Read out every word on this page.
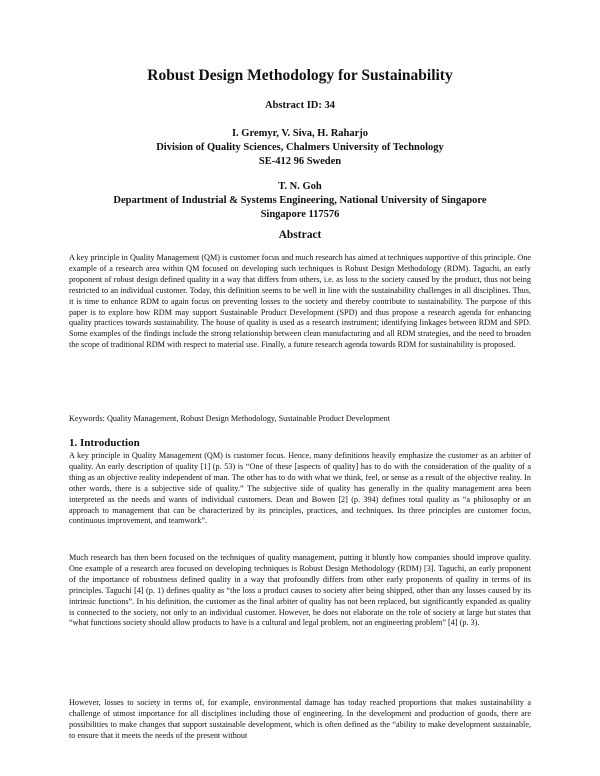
Robust Design Methodology for Sustainability
Abstract ID: 34
I. Gremyr, V. Siva, H. Raharjo
Division of Quality Sciences, Chalmers University of Technology
SE-412 96 Sweden
T. N. Goh
Department of Industrial & Systems Engineering, National University of Singapore
Singapore 117576
Abstract

A key principle in Quality Management (QM) is customer focus and much research has aimed at techniques supportive of this principle. One example of a research area within QM focused on developing such techniques is Robust Design Methodology (RDM). Taguchi, an early proponent of robust design defined quality in a way that differs from others, i.e. as loss to the society caused by the product, thus not being restricted to an individual customer. Today, this definition seems to be well in line with the sustainability challenges in all disciplines. Thus, it is time to enhance RDM to again focus on preventing losses to the society and thereby contribute to sustainability. The purpose of this paper is to explore how RDM may support Sustainable Product Development (SPD) and thus propose a research agenda for enhancing quality practices towards sustainability. The house of quality is used as a research instrument; identifying linkages between RDM and SPD. Some examples of the findings include the strong relationship between clean manufacturing and all RDM strategies, and the need to broaden the scope of traditional RDM with respect to material use. Finally, a future research agenda towards RDM for sustainability is proposed.

Keywords: Quality Management, Robust Design Methodology, Sustainable Product Development

1. Introduction

A key principle in Quality Management (QM) is customer focus. Hence, many definitions heavily emphasize the customer as an arbiter of quality. An early description of quality [1] (p. 53) is “One of these [aspects of quality] has to do with the consideration of the quality of a thing as an objective reality independent of man. The other has to do with what we think, feel, or sense as a result of the objective reality. In other words, there is a subjective side of quality.” The subjective side of quality has generally in the quality management area been interpreted as the needs and wants of individual customers. Dean and Bowen [2] (p. 394) defines total quality as “a philosophy or an approach to management that can be characterized by its principles, practices, and techniques. Its three principles are customer focus, continuous improvement, and teamwork”.

Much research has then been focused on the techniques of quality management, putting it bluntly how companies should improve quality. One example of a research area focused on developing techniques is Robust Design Methodology (RDM) [3]. Taguchi, an early proponent of the importance of robustness defined quality in a way that profoundly differs from other early proponents of quality in terms of its principles. Taguchi [4] (p. 1) defines quality as “the loss a product causes to society after being shipped, other than any losses caused by its intrinsic functions”. In his definition, the customer as the final arbiter of quality has not been replaced, but significantly expanded as quality is connected to the society, not only to an individual customer. However, he does not elaborate on the role of society at large but states that “what functions society should allow products to have is a cultural and legal problem, not an engineering problem” [4] (p. 3).

However, losses to society in terms of, for example, environmental damage has today reached proportions that makes sustainability a challenge of utmost importance for all disciplines including those of engineering. In the development and production of goods, there are possibilities to make changes that support sustainable development, which is often defined as the “ability to make development sustainable, to ensure that it meets the needs of the present without
